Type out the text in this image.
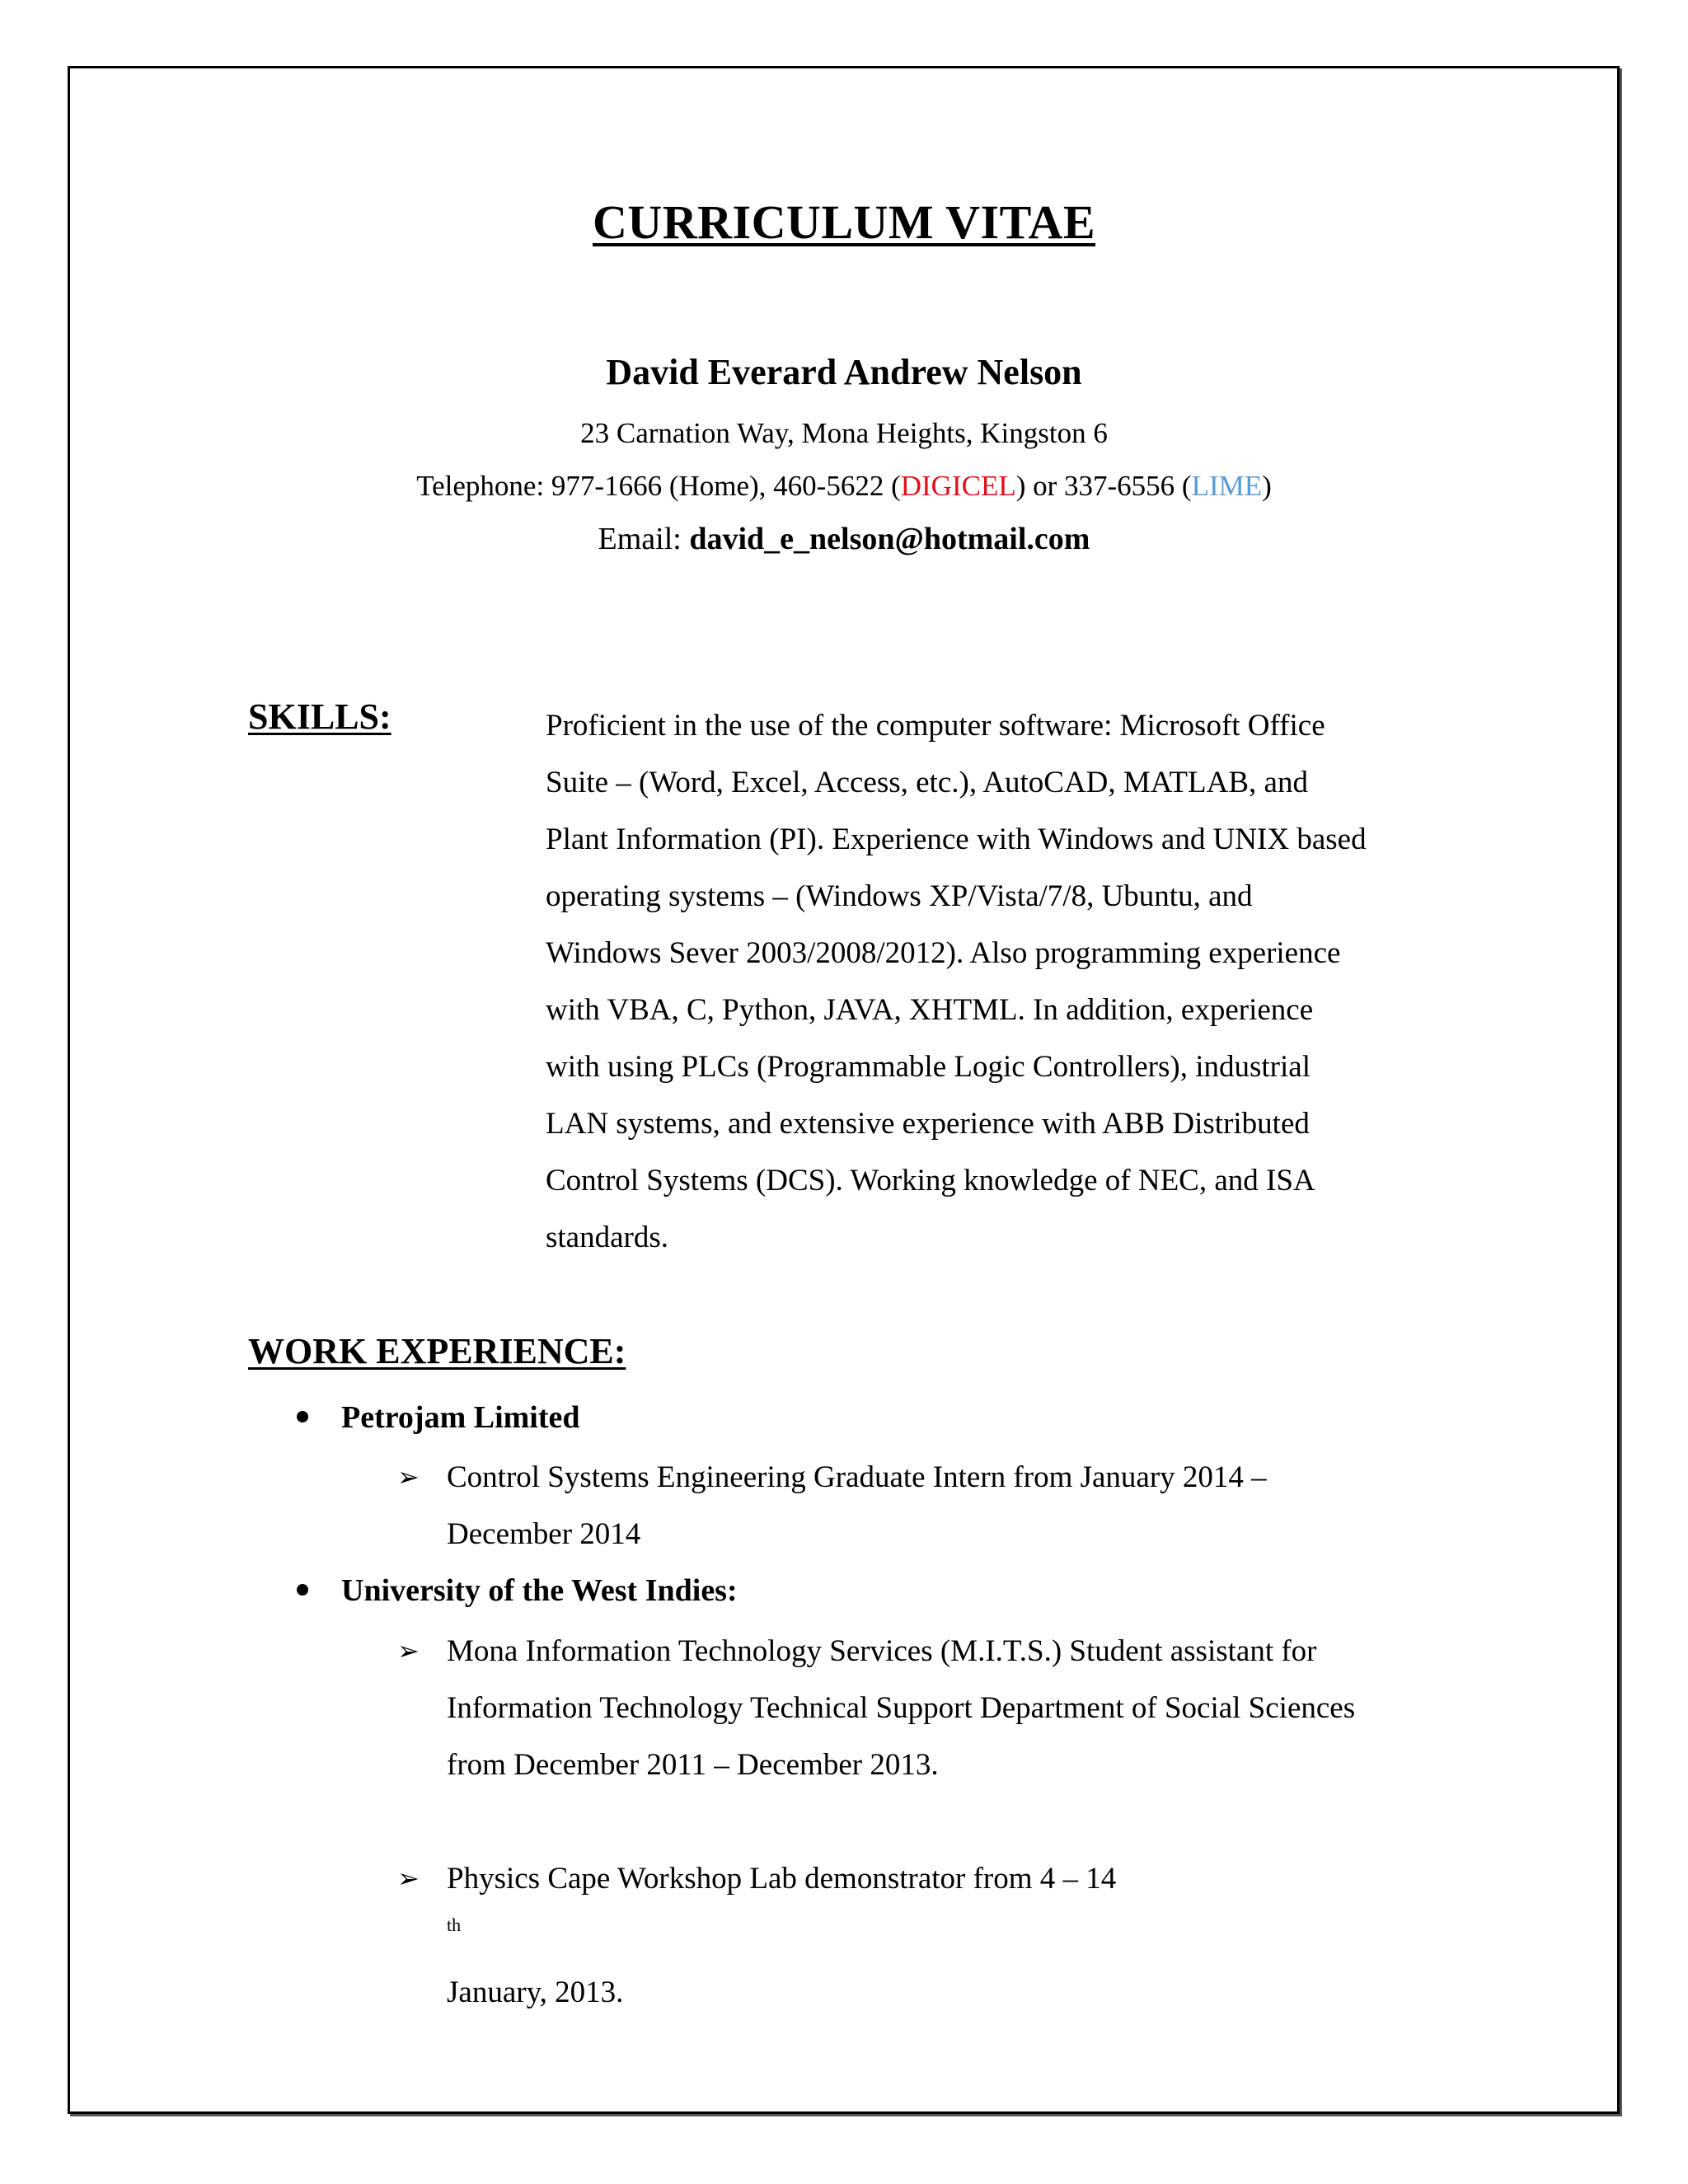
CURRICULUM VITAE
David Everard Andrew Nelson
23 Carnation Way, Mona Heights, Kingston 6
Telephone: 977-1666 (Home), 460-5622 (DIGICEL) or 337-6556 (LIME)
Email: david_e_nelson@hotmail.com
SKILLS:	Proficient in the use of the computer software: Microsoft Office
Suite – (Word, Excel, Access, etc.), AutoCAD, MATLAB, and
Plant Information (PI). Experience with Windows and UNIX based
operating systems – (Windows XP/Vista/7/8, Ubuntu, and
Windows Sever 2003/2008/2012). Also programming experience
with VBA, C, Python, JAVA, XHTML. In addition, experience
with using PLCs (Programmable Logic Controllers), industrial
LAN systems, and extensive experience with ABB Distributed
Control Systems (DCS). Working knowledge of NEC, and ISA
standards.
WORK EXPERIENCE:
Petrojam Limited
➢ Control Systems Engineering Graduate Intern from January 2014 –
December 2014
University of the West Indies:
➢ Mona Information Technology Services (M.I.T.S.) Student assistant for
Information Technology Technical Support Department of Social Sciences
from December 2011 – December 2013.
➢ Physics Cape Workshop Lab demonstrator from 4 – 14
$^{th}$
January, 2013.
